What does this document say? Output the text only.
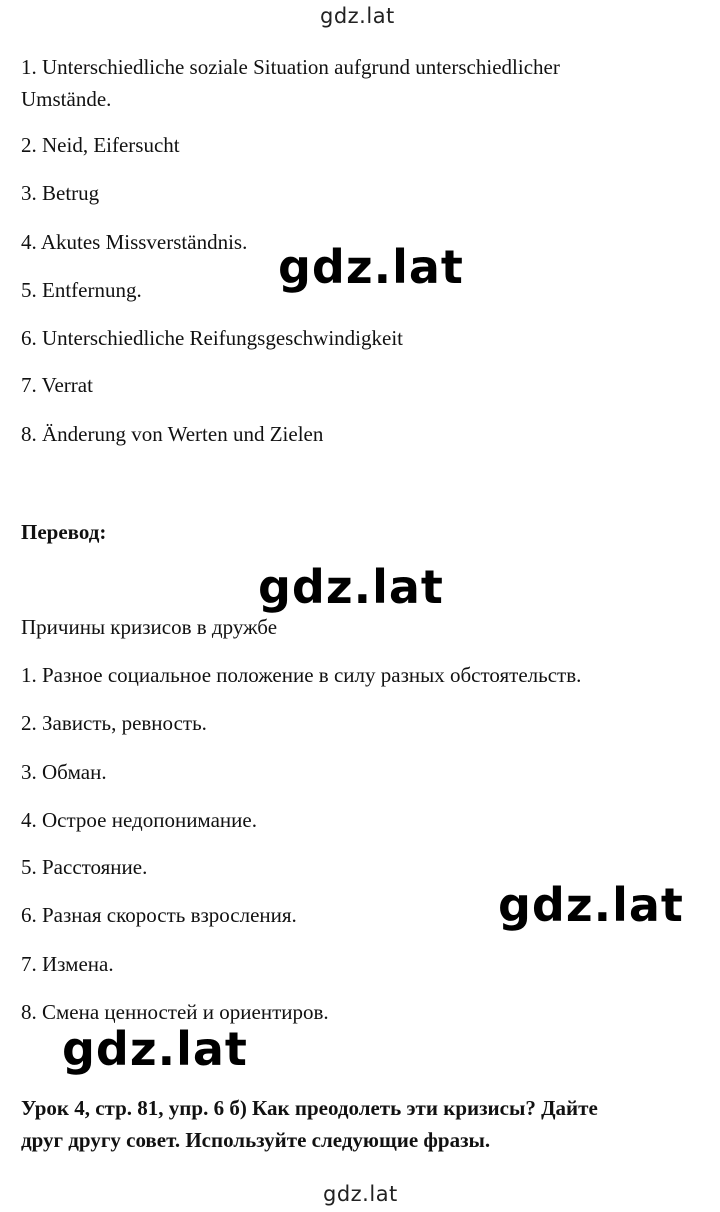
gdz.lat
gdz.lat
gdz.lat
gdz.lat
gdz.lat
gdz.lat
1. Unterschiedliche soziale Situation aufgrund unterschiedlicher
Umstände.
2. Neid, Eifersucht
3. Betrug
4. Akutes Missverständnis.
5. Entfernung.
6. Unterschiedliche Reifungsgeschwindigkeit
7. Verrat
8. Änderung von Werten und Zielen
Перевод:
Причины кризисов в дружбе
1. Разное социальное положение в силу разных обстоятельств.
2. Зависть, ревность.
3. Обман.
4. Острое недопонимание.
5. Расстояние.
6. Разная скорость взросления.
7. Измена.
8. Смена ценностей и ориентиров.
Урок 4, стр. 81, упр. 6 б) Как преодолеть эти кризисы? Дайте
друг другу совет. Используйте следующие фразы.
